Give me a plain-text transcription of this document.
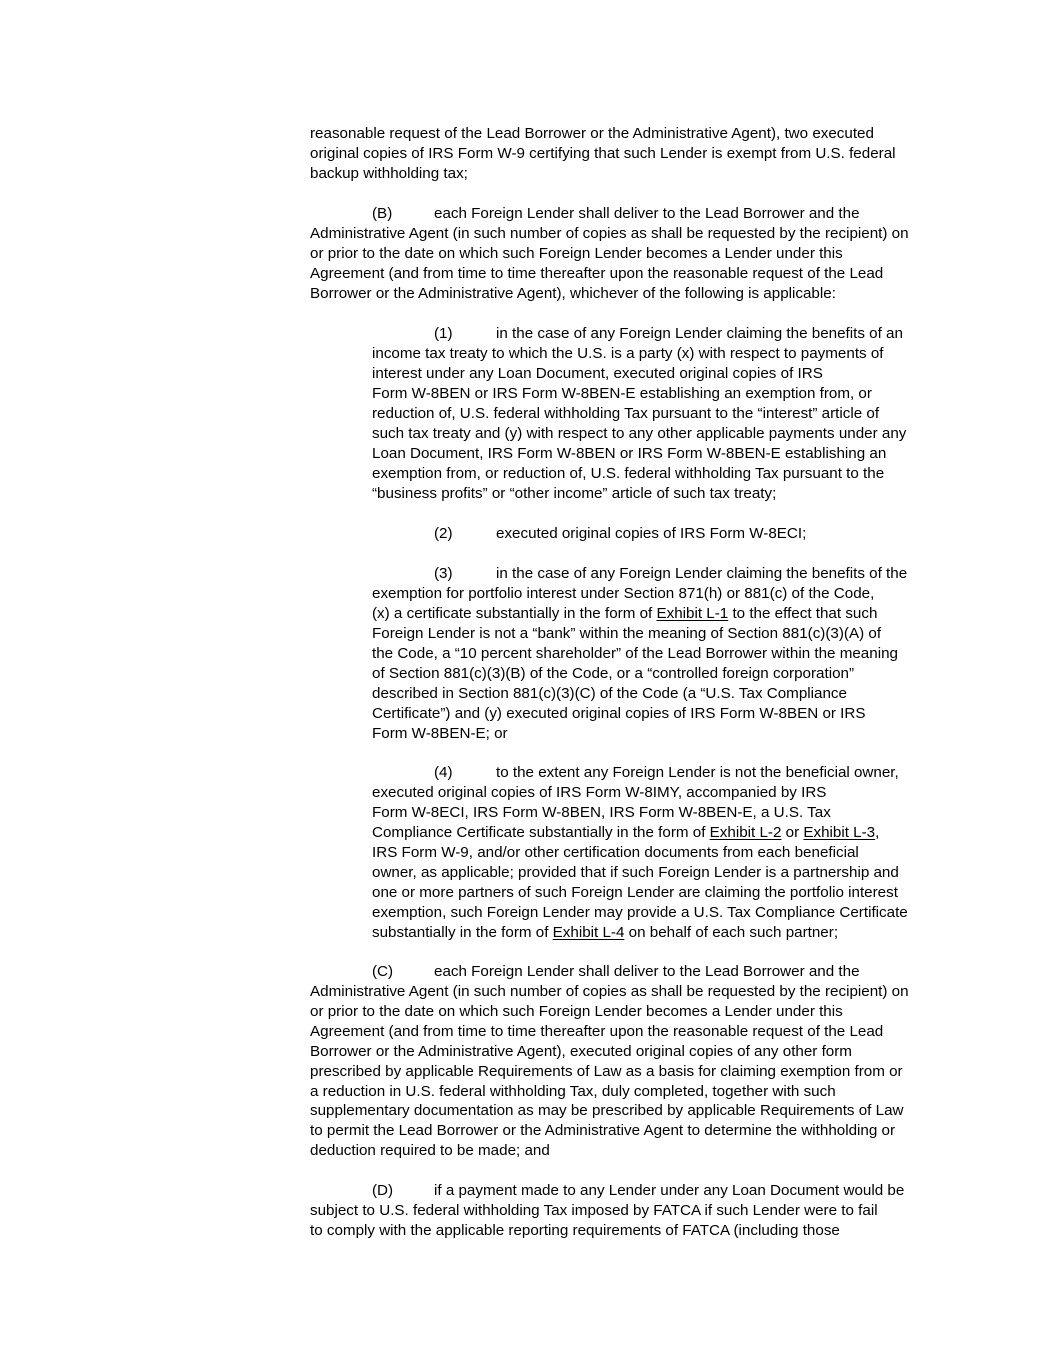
reasonable request of the Lead Borrower or the Administrative Agent), two executed
original copies of IRS Form W-9 certifying that such Lender is exempt from U.S. federal
backup withholding tax;
(B)	each Foreign Lender shall deliver to the Lead Borrower and the
Administrative Agent (in such number of copies as shall be requested by the recipient) on
or prior to the date on which such Foreign Lender becomes a Lender under this
Agreement (and from time to time thereafter upon the reasonable request of the Lead
Borrower or the Administrative Agent), whichever of the following is applicable:
(1)	in the case of any Foreign Lender claiming the benefits of an
income tax treaty to which the U.S. is a party (x) with respect to payments of
interest under any Loan Document, executed original copies of IRS
Form W-8BEN or IRS Form W-8BEN-E establishing an exemption from, or
reduction of, U.S. federal withholding Tax pursuant to the “interest” article of
such tax treaty and (y) with respect to any other applicable payments under any
Loan Document, IRS Form W-8BEN or IRS Form W-8BEN-E establishing an
exemption from, or reduction of, U.S. federal withholding Tax pursuant to the
“business profits” or “other income” article of such tax treaty;
(2)	executed original copies of IRS Form W-8ECI;
(3)	in the case of any Foreign Lender claiming the benefits of the
exemption for portfolio interest under Section 871(h) or 881(c) of the Code,
(x) a certificate substantially in the form of Exhibit L-1 to the effect that such
Foreign Lender is not a “bank” within the meaning of Section 881(c)(3)(A) of
the Code, a “10 percent shareholder” of the Lead Borrower within the meaning
of Section 881(c)(3)(B) of the Code, or a “controlled foreign corporation”
described in Section 881(c)(3)(C) of the Code (a “U.S. Tax Compliance
Certificate”) and (y) executed original copies of IRS Form W-8BEN or IRS
Form W-8BEN-E; or
(4)	to the extent any Foreign Lender is not the beneficial owner,
executed original copies of IRS Form W-8IMY, accompanied by IRS
Form W-8ECI, IRS Form W-8BEN, IRS Form W-8BEN-E, a U.S. Tax
Compliance Certificate substantially in the form of Exhibit L-2 or Exhibit L-3,
IRS Form W-9, and/or other certification documents from each beneficial
owner, as applicable; provided that if such Foreign Lender is a partnership and
one or more partners of such Foreign Lender are claiming the portfolio interest
exemption, such Foreign Lender may provide a U.S. Tax Compliance Certificate
substantially in the form of Exhibit L-4 on behalf of each such partner;
(C)	each Foreign Lender shall deliver to the Lead Borrower and the
Administrative Agent (in such number of copies as shall be requested by the recipient) on
or prior to the date on which such Foreign Lender becomes a Lender under this
Agreement (and from time to time thereafter upon the reasonable request of the Lead
Borrower or the Administrative Agent), executed original copies of any other form
prescribed by applicable Requirements of Law as a basis for claiming exemption from or
a reduction in U.S. federal withholding Tax, duly completed, together with such
supplementary documentation as may be prescribed by applicable Requirements of Law
to permit the Lead Borrower or the Administrative Agent to determine the withholding or
deduction required to be made; and
(D)	if a payment made to any Lender under any Loan Document would be
subject to U.S. federal withholding Tax imposed by FATCA if such Lender were to fail
to comply with the applicable reporting requirements of FATCA (including those
